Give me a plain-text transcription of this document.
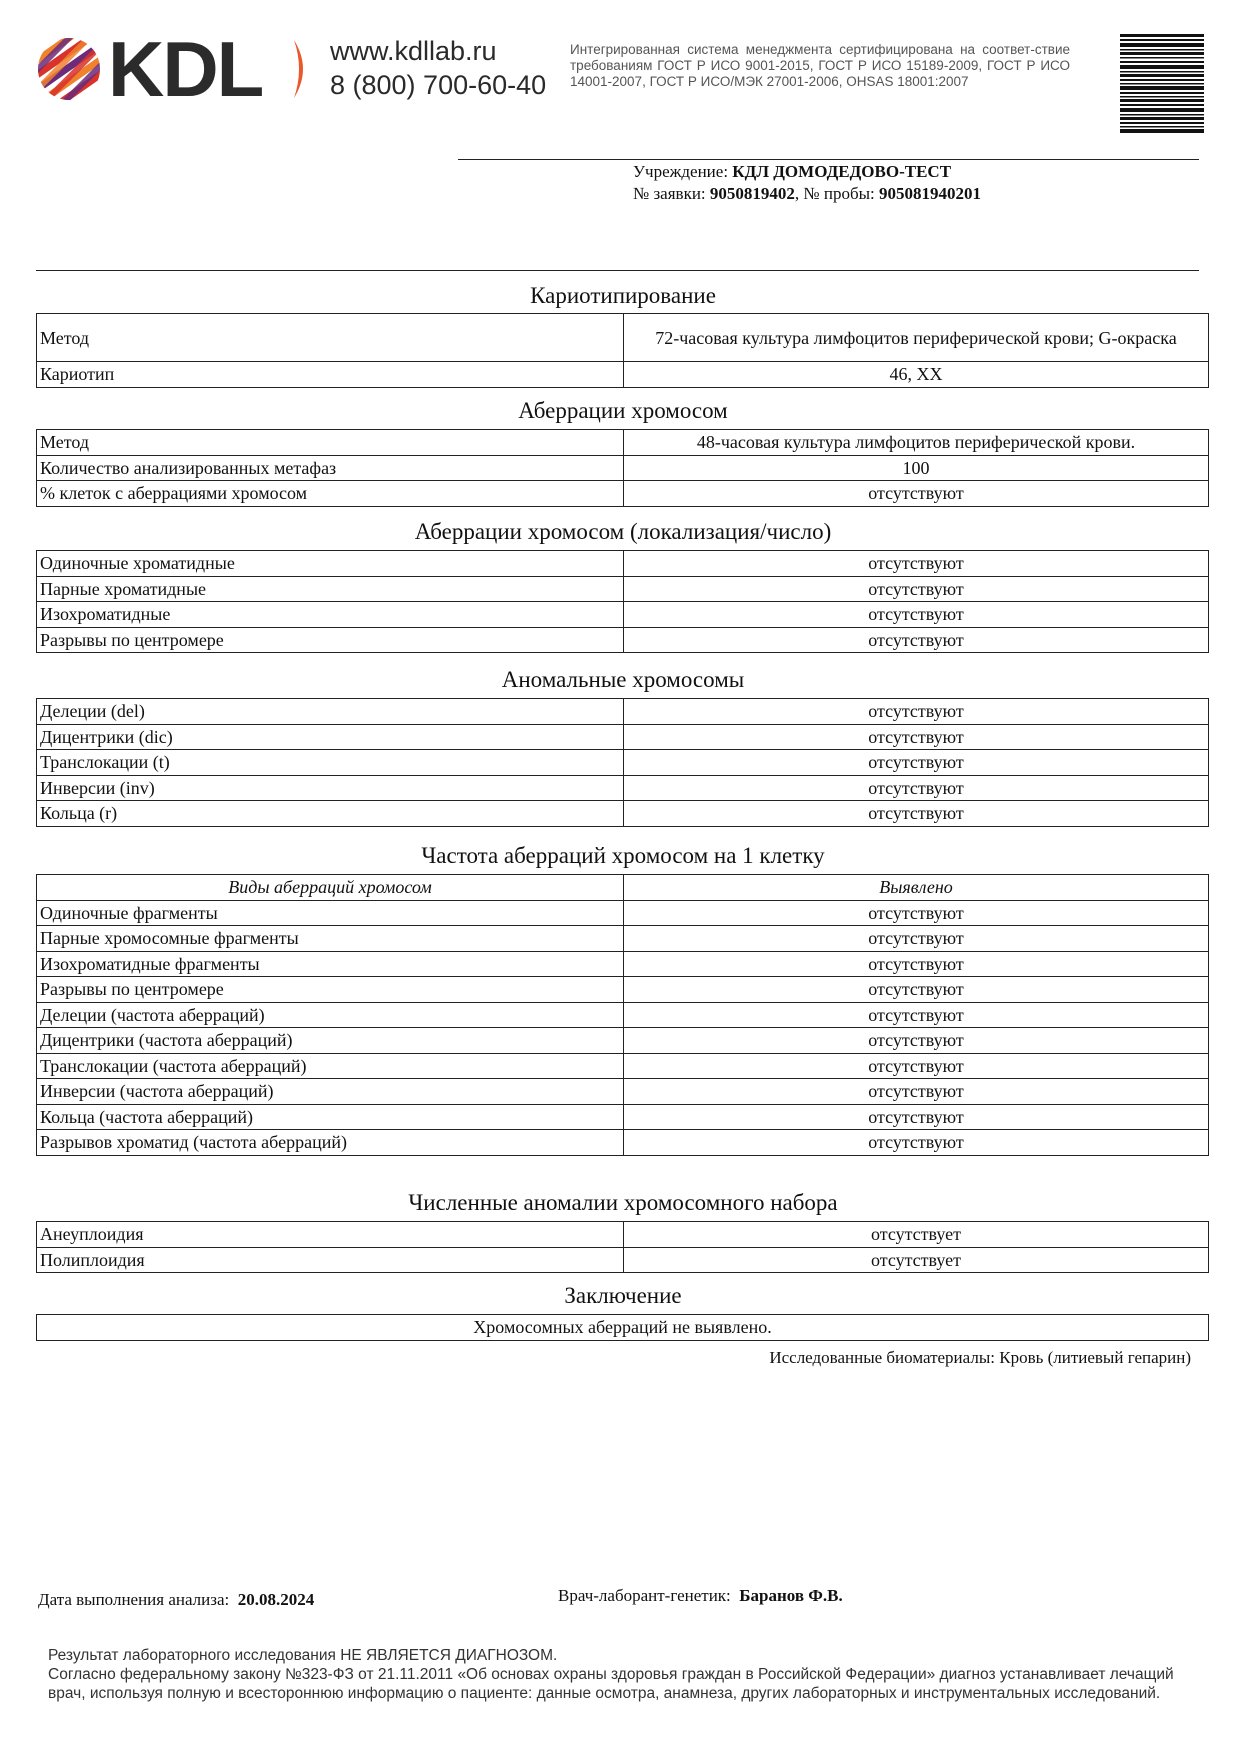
KDL	www.kdllab.ru
8 (800) 700-60-40
Интегрированная система менеджмента сертифицирована на соответ-ствие требованиям ГОСТ Р ИСО 9001-2015, ГОСТ Р ИСО 15189-2009, ГОСТ Р ИСО 14001-2007, ГОСТ Р ИСО/МЭК 27001-2006, OHSAS 18001:2007
Учреждение: КДЛ ДОМОДЕДОВО-ТЕСТ
№ заявки: 9050819402, № пробы: 905081940201
Кариотипирование
Метод	72-часовая культура лимфоцитов периферической крови; G-окраска
Кариотип	46, XX
Аберрации хромосом
Метод	48-часовая культура лимфоцитов периферической крови.
Количество анализированных метафаз	100
% клеток с аберрациями хромосом	отсутствуют
Аберрации хромосом (локализация/число)
Одиночные хроматидные	отсутствуют
Парные хроматидные	отсутствуют
Изохроматидные	отсутствуют
Разрывы по центромере	отсутствуют
Аномальные хромосомы
Делеции (del)	отсутствуют
Дицентрики (dic)	отсутствуют
Транслокации (t)	отсутствуют
Инверсии (inv)	отсутствуют
Кольца (r)	отсутствуют
Частота аберраций хромосом на 1 клетку
Виды аберраций хромосом	Выявлено
Одиночные фрагменты	отсутствуют
Парные хромосомные фрагменты	отсутствуют
Изохроматидные фрагменты	отсутствуют
Разрывы по центромере	отсутствуют
Делеции (частота аберраций)	отсутствуют
Дицентрики (частота аберраций)	отсутствуют
Транслокации (частота аберраций)	отсутствуют
Инверсии (частота аберраций)	отсутствуют
Кольца (частота аберраций)	отсутствуют
Разрывов хроматид (частота аберраций)	отсутствуют
Численные аномалии хромосомного набора
Анеуплоидия	отсутствует
Полиплоидия	отсутствует
Заключение
Хромосомных аберраций не выявлено.
Исследованные биоматериалы: Кровь (литиевый гепарин)
Дата выполнения анализа: 20.08.2024	Врач-лаборант-генетик: Баранов Ф.В.
Результат лабораторного исследования НЕ ЯВЛЯЕТСЯ ДИАГНОЗОМ.
Согласно федеральному закону №323-ФЗ от 21.11.2011 «Об основах охраны здоровья граждан в Российской Федерации» диагноз устанавливает лечащий
врач, используя полную и всестороннюю информацию о пациенте: данные осмотра, анамнеза, других лабораторных и инструментальных исследований.
